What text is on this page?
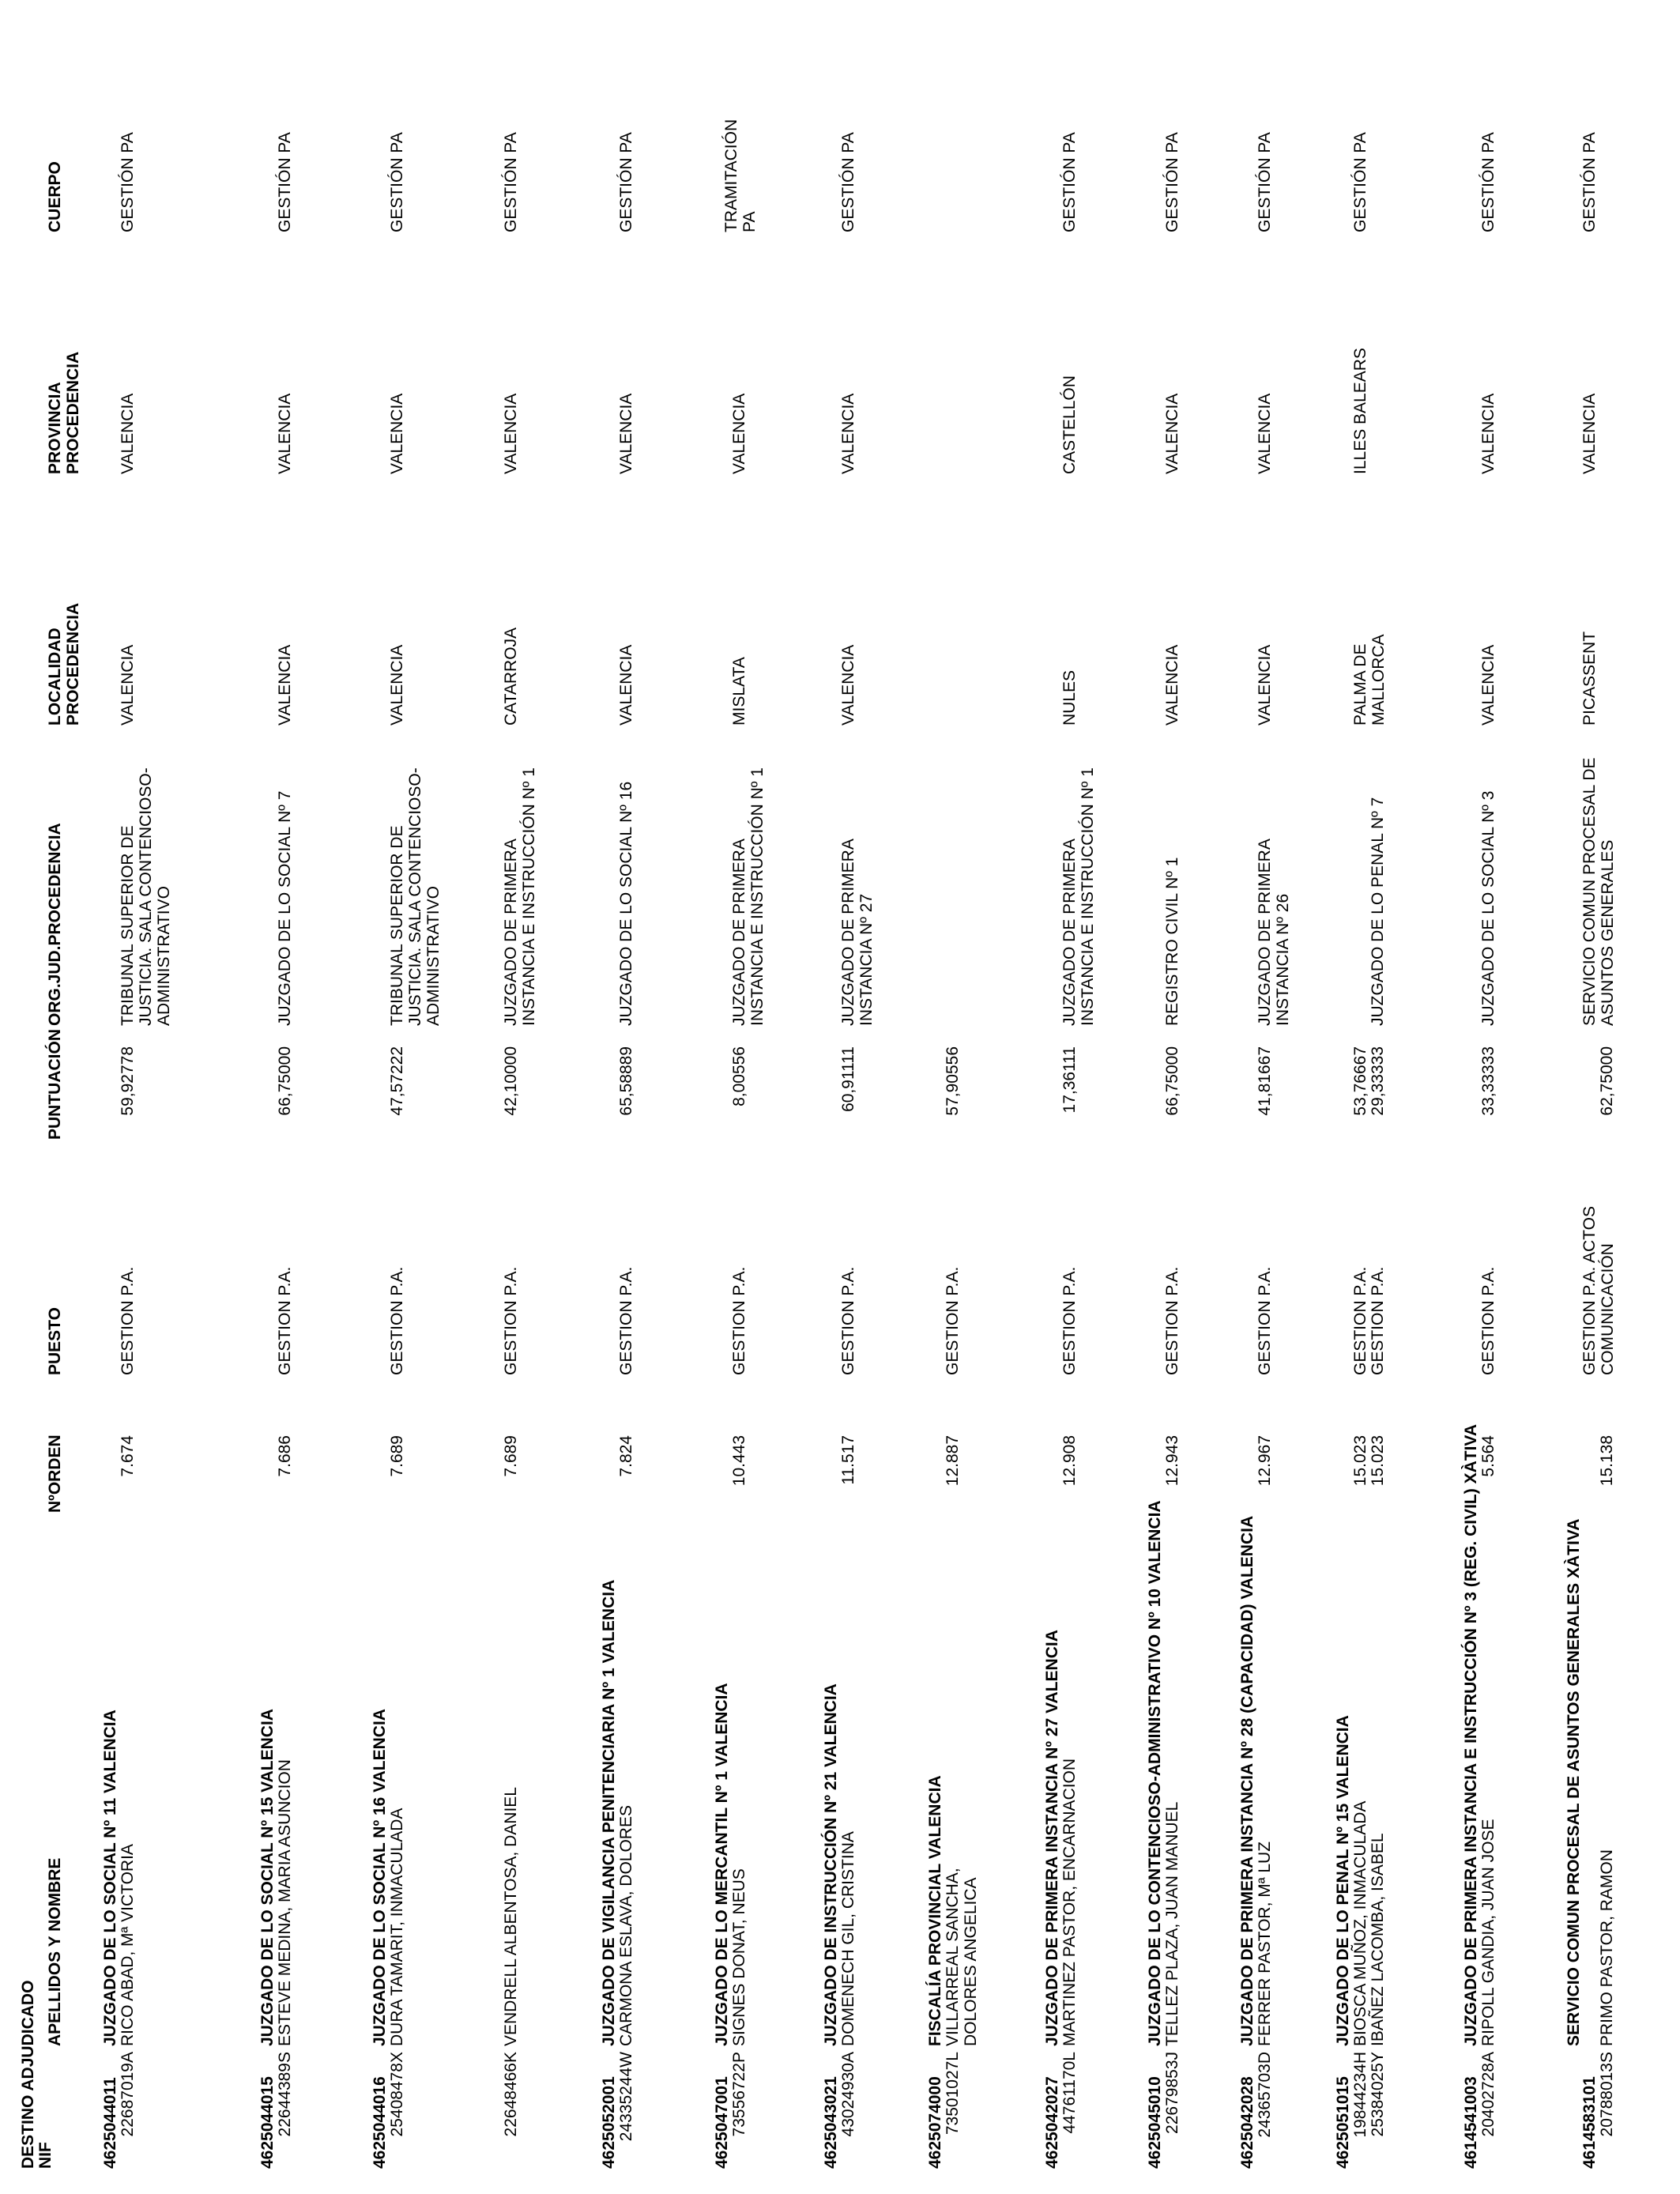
DESTINO ADJUDICADO NIF
APELLIDOS Y NOMBRE
NºORDEN
PUESTO
PUNTUACIÓN
ORG.JUD.PROCEDENCIA
LOCALIDAD PROCEDENCIA
PROVINCIA PROCEDENCIA
CUERPO
4625044011
JUZGADO DE LO SOCIAL Nº 11 VALENCIA
22687019A
RICO ABAD, Mª VICTORIA
7.674
GESTION P.A.
59,92778
TRIBUNAL SUPERIOR DE JUSTICIA. SALA CONTENCIOSO-ADMINISTRATIVO
VALENCIA
VALENCIA
GESTIÓN PA
4625044015
JUZGADO DE LO SOCIAL Nº 15 VALENCIA
22644389S
ESTEVE MEDINA, MARIA ASUNCION
7.686
GESTION P.A.
66,75000
JUZGADO DE LO SOCIAL Nº 7
VALENCIA
VALENCIA
GESTIÓN PA
4625044016
JUZGADO DE LO SOCIAL Nº 16 VALENCIA
25408478X
DURA TAMARIT, INMACULADA
7.689
GESTION P.A.
47,57222
TRIBUNAL SUPERIOR DE JUSTICIA. SALA CONTENCIOSO-ADMINISTRATIVO
VALENCIA
VALENCIA
GESTIÓN PA
22648466K
VENDRELL ALBENTOSA, DANIEL
7.689
GESTION P.A.
42,10000
JUZGADO DE PRIMERA INSTANCIA E INSTRUCCIÓN Nº 1
CATARROJA
VALENCIA
GESTIÓN PA
4625052001
JUZGADO DE VIGILANCIA PENITENCIARIA Nº 1 VALENCIA
24335244W
CARMONA ESLAVA, DOLORES
7.824
GESTION P.A.
65,58889
JUZGADO DE LO SOCIAL Nº 16
VALENCIA
VALENCIA
GESTIÓN PA
4625047001
JUZGADO DE LO MERCANTIL Nº 1 VALENCIA
73556722P
SIGNES DONAT, NEUS
10.443
GESTION P.A.
8,00556
JUZGADO DE PRIMERA INSTANCIA E INSTRUCCIÓN Nº 1
MISLATA
VALENCIA
TRAMITACIÓN PA
4625043021
JUZGADO DE INSTRUCCIÓN Nº 21 VALENCIA
43024930A
DOMENECH GIL, CRISTINA
11.517
GESTION P.A.
60,91111
JUZGADO DE PRIMERA INSTANCIA Nº 27
VALENCIA
VALENCIA
GESTIÓN PA
4625074000
FISCALÍA PROVINCIAL VALENCIA
73501027L
VILLARREAL SANCHA, DOLORES ANGELICA
12.887
GESTION P.A.
57,90556
4625042027
JUZGADO DE PRIMERA INSTANCIA Nº 27 VALENCIA
44761170L
MARTINEZ PASTOR, ENCARNACION
12.908
GESTION P.A.
17,36111
JUZGADO DE PRIMERA INSTANCIA E INSTRUCCIÓN Nº 1
NULES
CASTELLÓN
GESTIÓN PA
4625045010
JUZGADO DE LO CONTENCIOSO-ADMINISTRATIVO Nº 10 VALENCIA
22679853J
TELLEZ PLAZA, JUAN MANUEL
12.943
GESTION P.A.
66,75000
REGISTRO CIVIL Nº 1
VALENCIA
VALENCIA
GESTIÓN PA
4625042028
JUZGADO DE PRIMERA INSTANCIA Nº 28 (CAPACIDAD) VALENCIA
24365703D
FERRER PASTOR, Mª LUZ
12.967
GESTION P.A.
41,81667
JUZGADO DE PRIMERA INSTANCIA Nº 26
VALENCIA
VALENCIA
GESTIÓN PA
4625051015
JUZGADO DE LO PENAL Nº 15 VALENCIA
19844234H
BIOSCA MUÑOZ, INMACULADA
15.023
GESTION P.A.
53,76667
25384025Y
IBAÑEZ LACOMBA, ISABEL
15.023
GESTION P.A.
29,33333
JUZGADO DE LO PENAL Nº 7
PALMA DE MALLORCA
ILLES BALEARS
GESTIÓN PA
4614541003
JUZGADO DE PRIMERA INSTANCIA E INSTRUCCIÓN Nº 3 (REG. CIVIL) XÀTIVA
20402728A
RIPOLL GANDIA, JUAN JOSE
5.564
GESTION P.A.
33,33333
JUZGADO DE LO SOCIAL Nº 3
VALENCIA
VALENCIA
GESTIÓN PA
4614583101
SERVICIO COMUN PROCESAL DE ASUNTOS GENERALES XÀTIVA
20788013S
PRIMO PASTOR, RAMON
15.138
GESTION P.A. ACTOS COMUNICACIÓN
62,75000
SERVICIO COMUN PROCESAL DE ASUNTOS GENERALES
PICASSENT
VALENCIA
GESTIÓN PA
